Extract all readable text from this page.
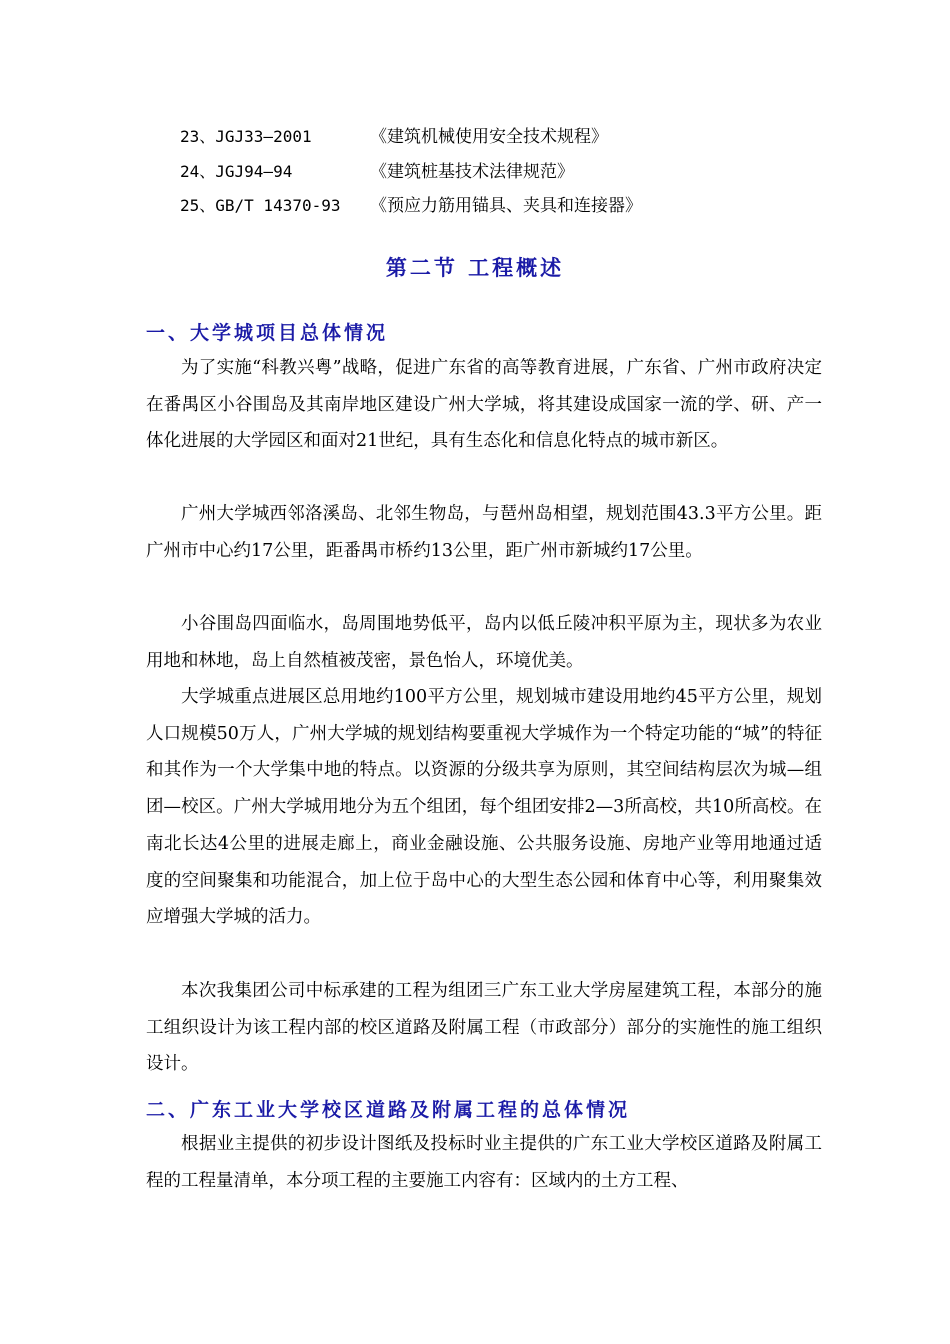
23、JGJ33—2001	《建筑机械使用安全技术规程》
24、JGJ94—94	《建筑桩基技术法律规范》
25、GB/T 14370-93 《预应力筋用锚具、夹具和连接器》
第二节 工程概述
一、大学城项目总体情况
为了实施“科教兴粤”战略，促进广东省的高等教育进展，广东省、广州市政府决定在番禺区小谷围岛及其南岸地区建设广州大学城，将其建设成国家一流的学、研、产一体化进展的大学园区和面对21世纪，具有生态化和信息化特点的城市新区。
广州大学城西邻洛溪岛、北邻生物岛，与琶州岛相望，规划范围43.3平方公里。距广州市中心约17公里，距番禺市桥约13公里，距广州市新城约17公里。
小谷围岛四面临水，岛周围地势低平，岛内以低丘陵冲积平原为主，现状多为农业用地和林地，岛上自然植被茂密，景色怡人，环境优美。
大学城重点进展区总用地约100平方公里，规划城市建设用地约45平方公里，规划人口规模50万人，广州大学城的规划结构要重视大学城作为一个特定功能的“城”的特征和其作为一个大学集中地的特点。以资源的分级共享为原则，其空间结构层次为城—组团—校区。广州大学城用地分为五个组团，每个组团安排2—3所高校，共10所高校。在南北长达4公里的进展走廊上，商业金融设施、公共服务设施、房地产业等用地通过适度的空间聚集和功能混合，加上位于岛中心的大型生态公园和体育中心等，利用聚集效应增强大学城的活力。
本次我集团公司中标承建的工程为组团三广东工业大学房屋建筑工程，本部分的施工组织设计为该工程内部的校区道路及附属工程（市政部分）部分的实施性的施工组织设计。
二、广东工业大学校区道路及附属工程的总体情况
根据业主提供的初步设计图纸及投标时业主提供的广东工业大学校区道路及附属工程的工程量清单，本分项工程的主要施工内容有：区域内的土方工程、
